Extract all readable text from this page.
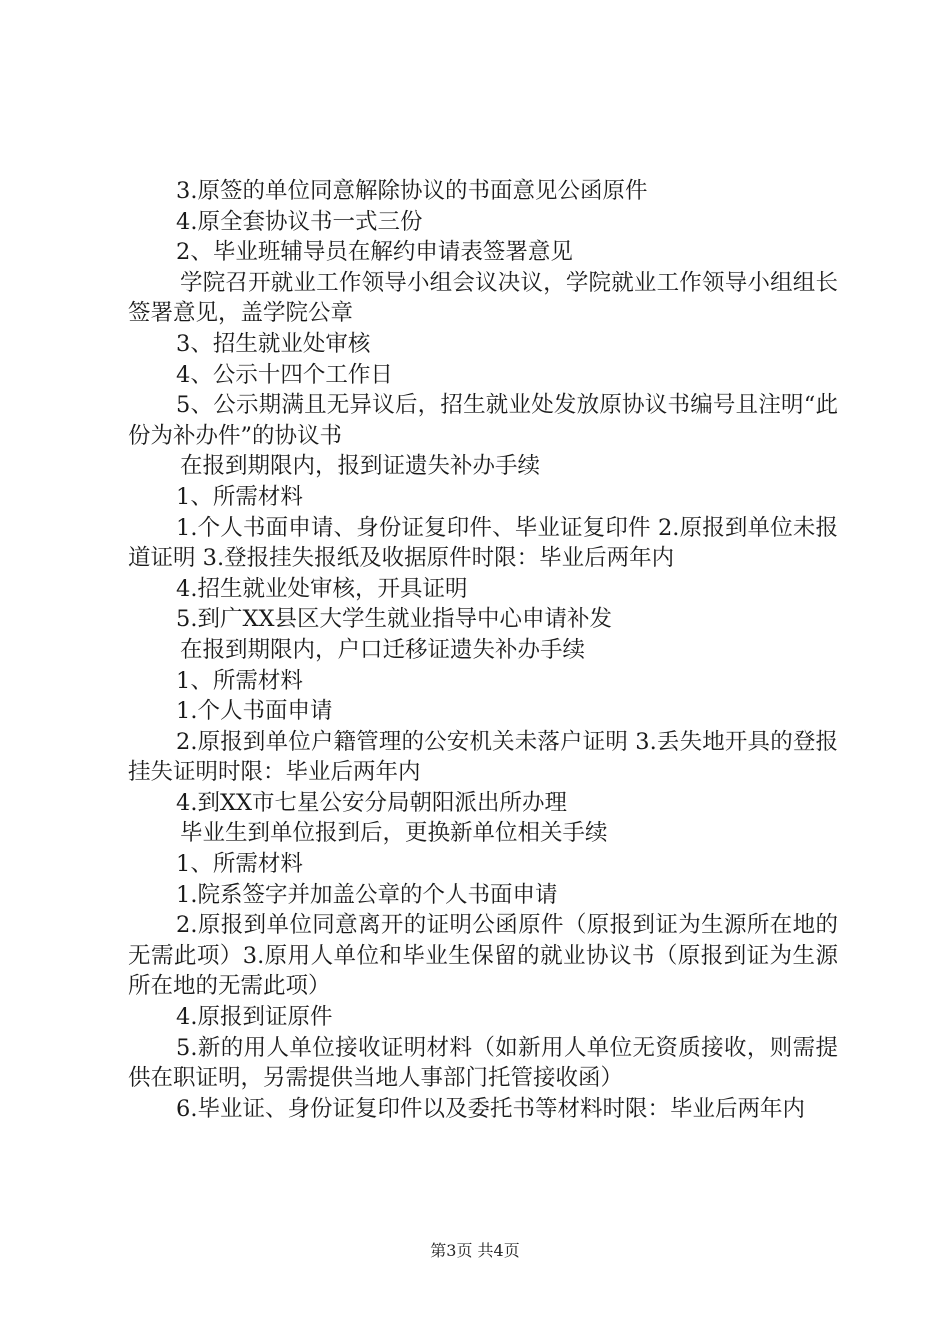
3.原签的单位同意解除协议的书面意见公函原件

4.原全套协议书一式三份

2、毕业班辅导员在解约申请表签署意见

学院召开就业工作领导小组会议决议，学院就业工作领导小组组长签署意见，盖学院公章

3、招生就业处审核

4、公示十四个工作日

5、公示期满且无异议后，招生就业处发放原协议书编号且注明“此份为补办件”的协议书

在报到期限内，报到证遗失补办手续

1、所需材料

1.个人书面申请、身份证复印件、毕业证复印件 2.原报到单位未报道证明 3.登报挂失报纸及收据原件时限：毕业后两年内

4.招生就业处审核，开具证明

5.到广XX县区大学生就业指导中心申请补发

在报到期限内，户口迁移证遗失补办手续

1、所需材料

1.个人书面申请

2.原报到单位户籍管理的公安机关未落户证明 3.丢失地开具的登报挂失证明时限：毕业后两年内

4.到XX市七星公安分局朝阳派出所办理

毕业生到单位报到后，更换新单位相关手续

1、所需材料

1.院系签字并加盖公章的个人书面申请

2.原报到单位同意离开的证明公函原件（原报到证为生源所在地的无需此项）3.原用人单位和毕业生保留的就业协议书（原报到证为生源所在地的无需此项）

4.原报到证原件

5.新的用人单位接收证明材料（如新用人单位无资质接收，则需提供在职证明，另需提供当地人事部门托管接收函）

6.毕业证、身份证复印件以及委托书等材料时限：毕业后两年内

第3页 共4页
